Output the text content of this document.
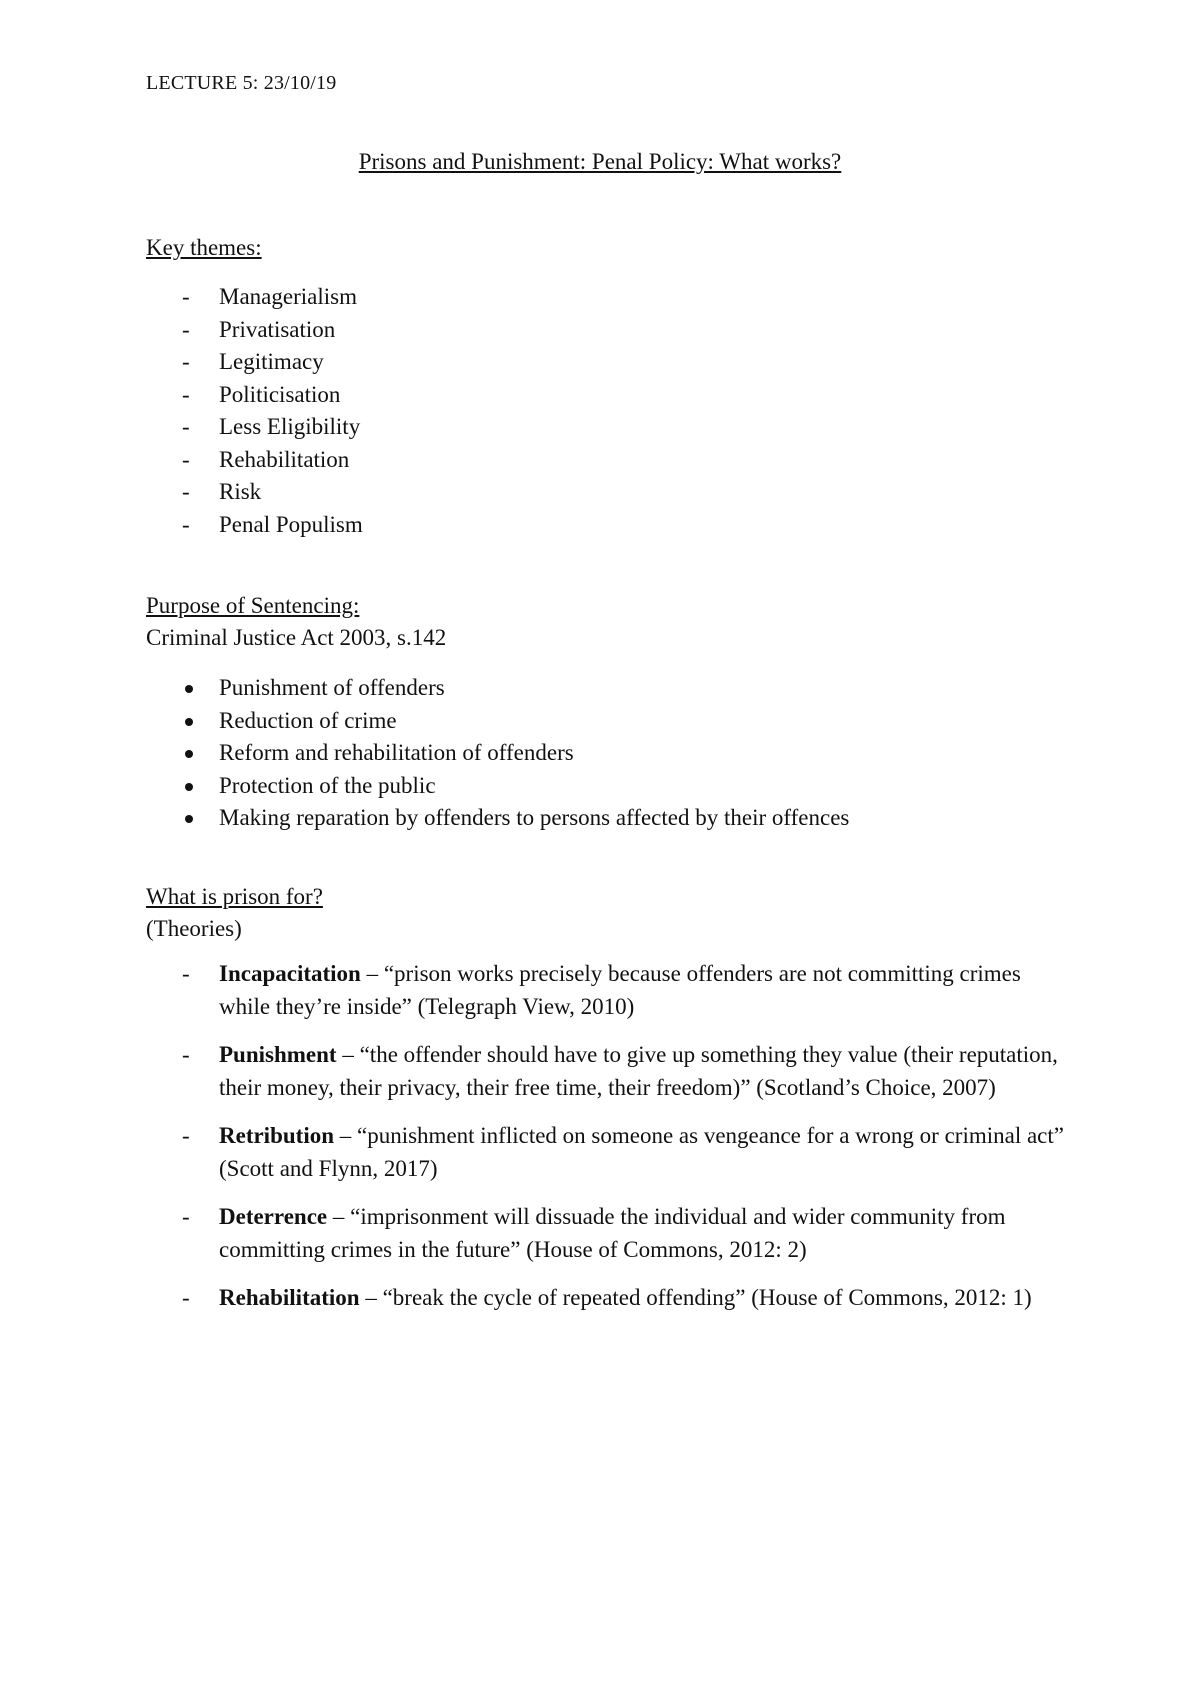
LECTURE 5: 23/10/19

Prisons and Punishment: Penal Policy: What works?

Key themes:

- Managerialism
- Privatisation
- Legitimacy
- Politicisation
- Less Eligibility
- Rehabilitation
- Risk
- Penal Populism

Purpose of Sentencing:

Criminal Justice Act 2003, s.142

Punishment of offenders
Reduction of crime
Reform and rehabilitation of offenders
Protection of the public
Making reparation by offenders to persons affected by their offences

What is prison for?

(Theories)

- Incapacitation – “prison works precisely because offenders are not committing crimes while they’re inside” (Telegraph View, 2010)
- Punishment – “the offender should have to give up something they value (their reputation, their money, their privacy, their free time, their freedom)” (Scotland’s Choice, 2007)
- Retribution – “punishment inflicted on someone as vengeance for a wrong or criminal act” (Scott and Flynn, 2017)
- Deterrence – “imprisonment will dissuade the individual and wider community from committing crimes in the future” (House of Commons, 2012: 2)
- Rehabilitation – “break the cycle of repeated offending” (House of Commons, 2012: 1)
